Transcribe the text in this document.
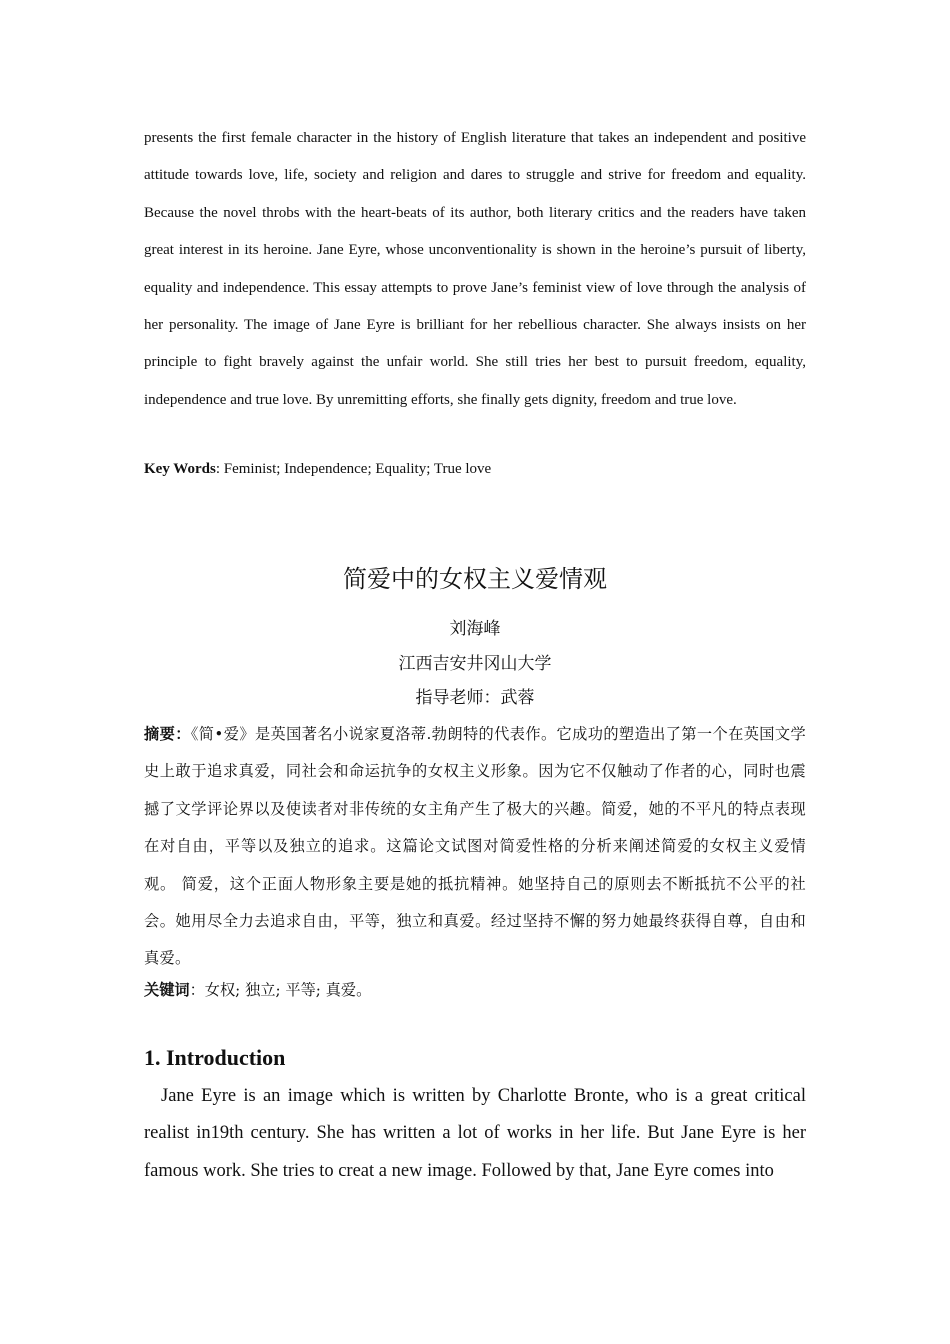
presents the first female character in the history of English literature that takes an independent and positive attitude towards love, life, society and religion and dares to struggle and strive for freedom and equality. Because the novel throbs with the heart-beats of its author, both literary critics and the readers have taken great interest in its heroine. Jane Eyre, whose unconventionality is shown in the heroine’s pursuit of liberty, equality and independence. This essay attempts to prove Jane’s feminist view of love through the analysis of her personality. The image of Jane Eyre is brilliant for her rebellious character. She always insists on her principle to fight bravely against the unfair world. She still tries her best to pursuit freedom, equality, independence and true love. By unremitting efforts, she finally gets dignity, freedom and true love.

Key Words: Feminist; Independence; Equality; True love

简爱中的女权主义爱情观
刘海峰
江西吉安井冈山大学
指导老师：武蓉

摘要：《简•爱》是英国著名小说家夏洛蒂.勃朗特的代表作。它成功的塑造出了第一个在英国文学史上敢于追求真爱，同社会和命运抗争的女权主义形象。因为它不仅触动了作者的心，同时也震撼了文学评论界以及使读者对非传统的女主角产生了极大的兴趣。简爱，她的不平凡的特点表现在对自由，平等以及独立的追求。这篇论文试图对简爱性格的分析来阐述简爱的女权主义爱情观。 简爱，这个正面人物形象主要是她的抵抗精神。她坚持自己的原则去不断抵抗不公平的社会。她用尽全力去追求自由，平等，独立和真爱。经过坚持不懈的努力她最终获得自尊，自由和真爱。

关键词：女权; 独立; 平等; 真爱。

1. Introduction

Jane Eyre is an image which is written by Charlotte Bronte, who is a great critical realist in19th century. She has written a lot of works in her life. But Jane Eyre is her famous work. She tries to creat a new image. Followed by that, Jane Eyre comes into
